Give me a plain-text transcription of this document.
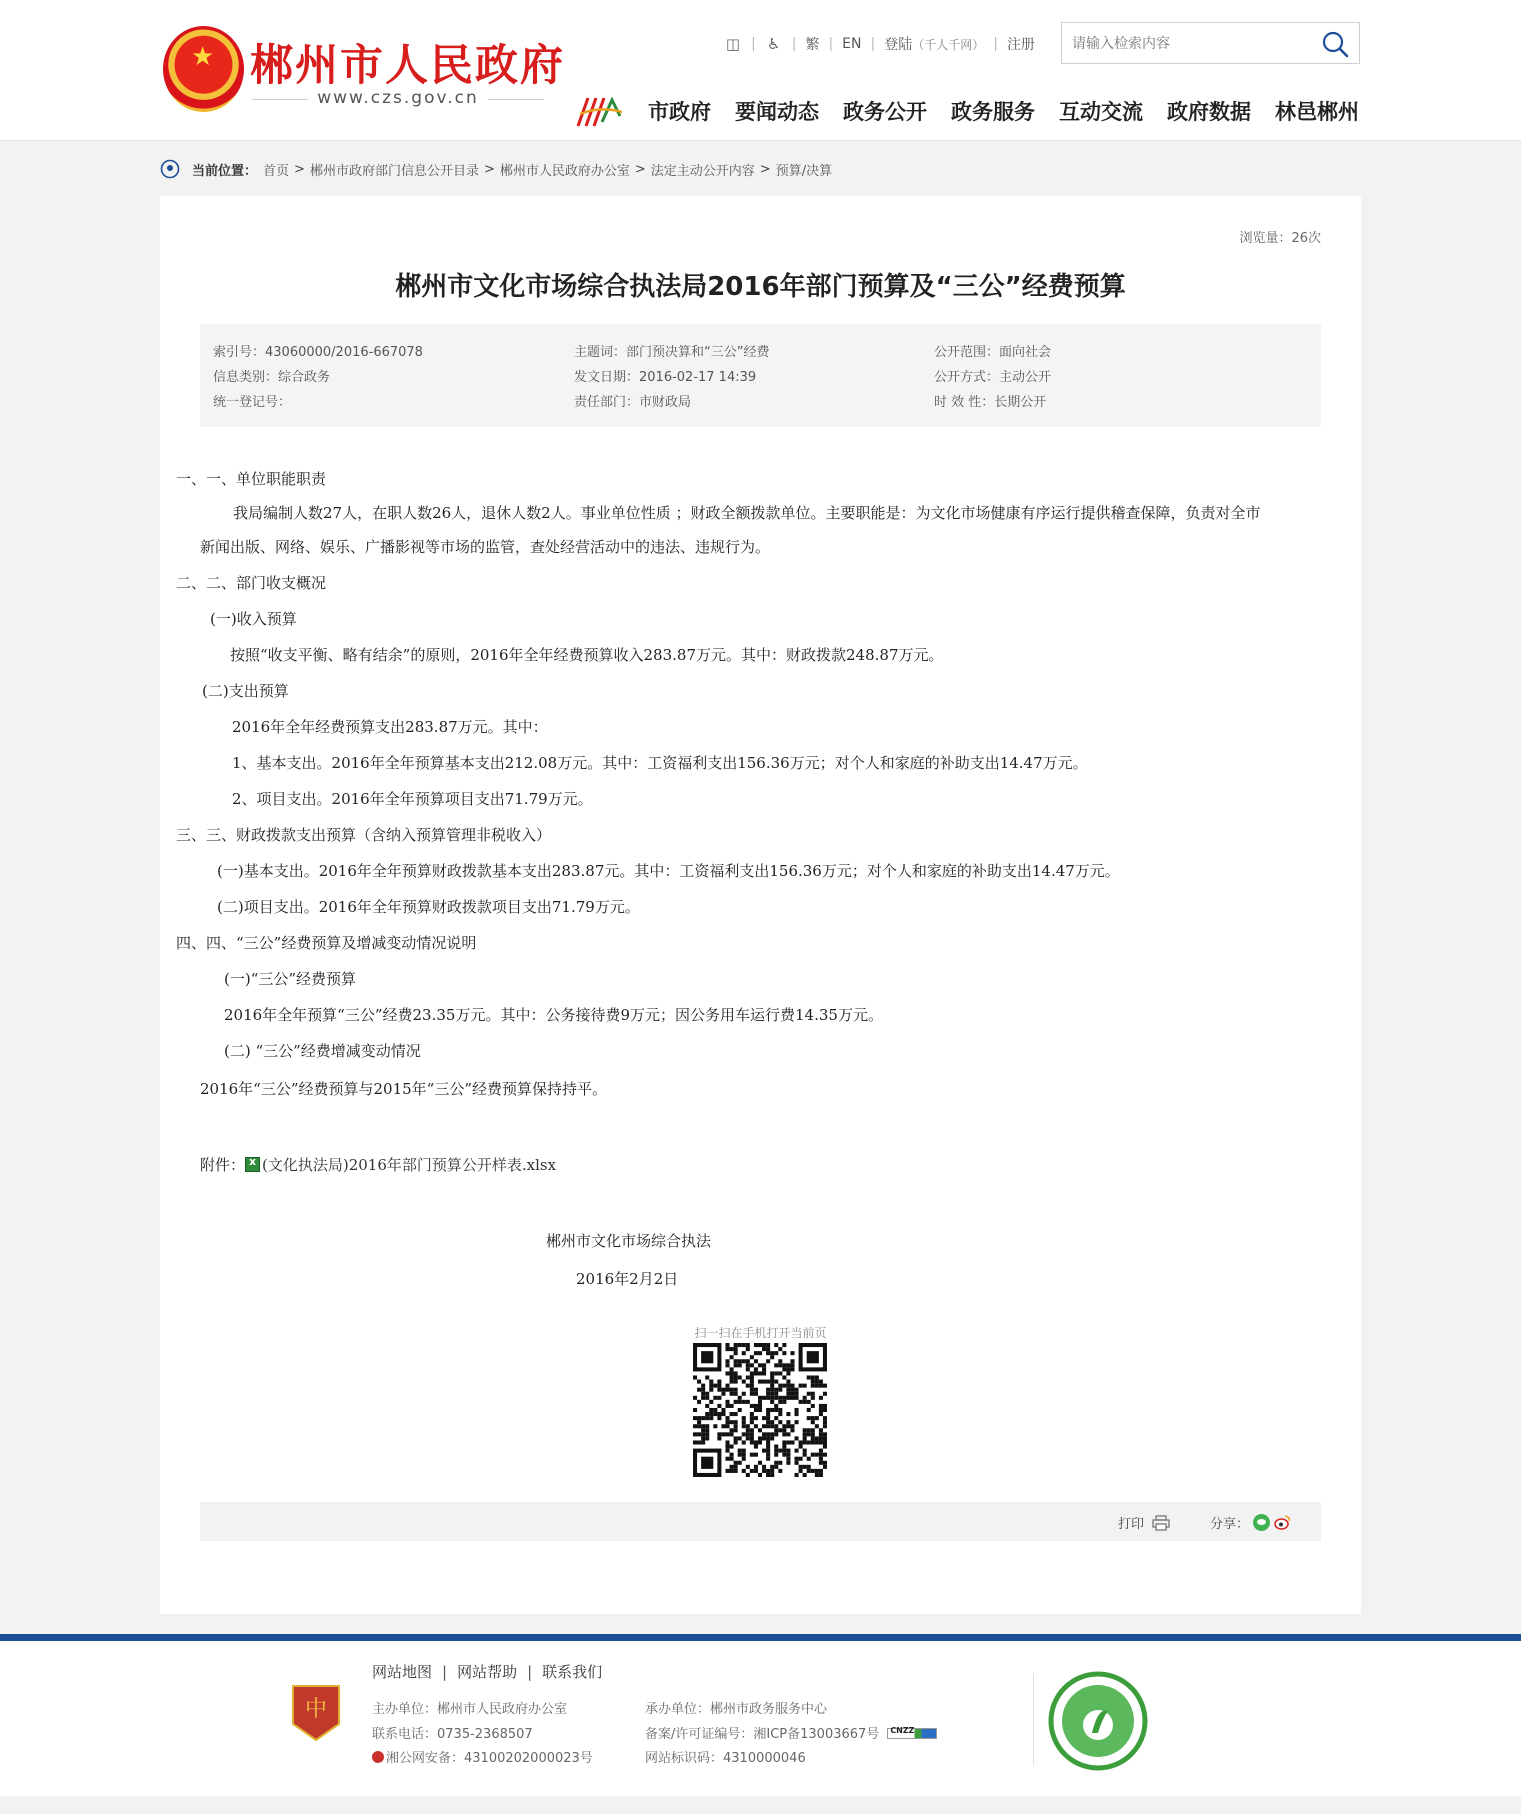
★
郴州市人民政府
www.czs.gov.cn
◫ | ♿ | 繁 | EN | 登陆 （千人千网） | 注册
请输入检索内容
市政府 要闻动态 政务公开 政务服务 互动交流 政府数据 林邑郴州
当前位置： 首页 > 郴州市政府部门信息公开目录 > 郴州市人民政府办公室 > 法定主动公开内容 > 预算/决算
浏览量：26次
郴州市文化市场综合执法局2016年部门预算及“三公”经费预算
索引号：43060000/2016-667078	主题词：部门预决算和“三公”经费	公开范围：面向社会
信息类别：综合政务	发文日期：2016-02-17 14:39	公开方式：主动公开
统一登记号：	责任部门：市财政局	时 效 性：长期公开
一、一、单位职能职责
我局编制人数27人，在职人数26人，退休人数2人。事业单位性质 ；财政全额拨款单位。主要职能是：为文化市场健康有序运行提供稽查保障，负责对全市
新闻出版、网络、娱乐、广播影视等市场的监管，查处经营活动中的违法、违规行为。
二、二、部门收支概况
(一)收入预算
按照“收支平衡、略有结余”的原则，2016年全年经费预算收入283.87万元。其中：财政拨款248.87万元。
(二)支出预算
2016年全年经费预算支出283.87万元。其中：
1、基本支出。2016年全年预算基本支出212.08万元。其中：工资福利支出156.36万元；对个人和家庭的补助支出14.47万元。
2、项目支出。2016年全年预算项目支出71.79万元。
三、三、财政拨款支出预算（含纳入预算管理非税收入）
(一)基本支出。2016年全年预算财政拨款基本支出283.87元。其中：工资福利支出156.36万元；对个人和家庭的补助支出14.47万元。
(二)项目支出。2016年全年预算财政拨款项目支出71.79万元。
四、四、“三公”经费预算及增减变动情况说明
(一)“三公”经费预算
2016年全年预算“三公”经费23.35万元。其中：公务接待费9万元；因公务用车运行费14.35万元。
(二) “三公”经费增减变动情况
2016年“三公”经费预算与2015年“三公”经费预算保持持平。
附件：x (文化执法局)2016年部门预算公开样表.xlsx
郴州市文化市场综合执法
2016年2月2日
扫一扫在手机打开当前页
打印	分享：
中
网站地图 | 网站帮助 | 联系我们
主办单位：郴州市人民政府办公室
联系电话：0735-2368507
湘公网安备：43100202000023号
承办单位：郴州市政务服务中心
备案/许可证编号：湘ICP备13003667号 CNZZ
网站标识码：4310000046
